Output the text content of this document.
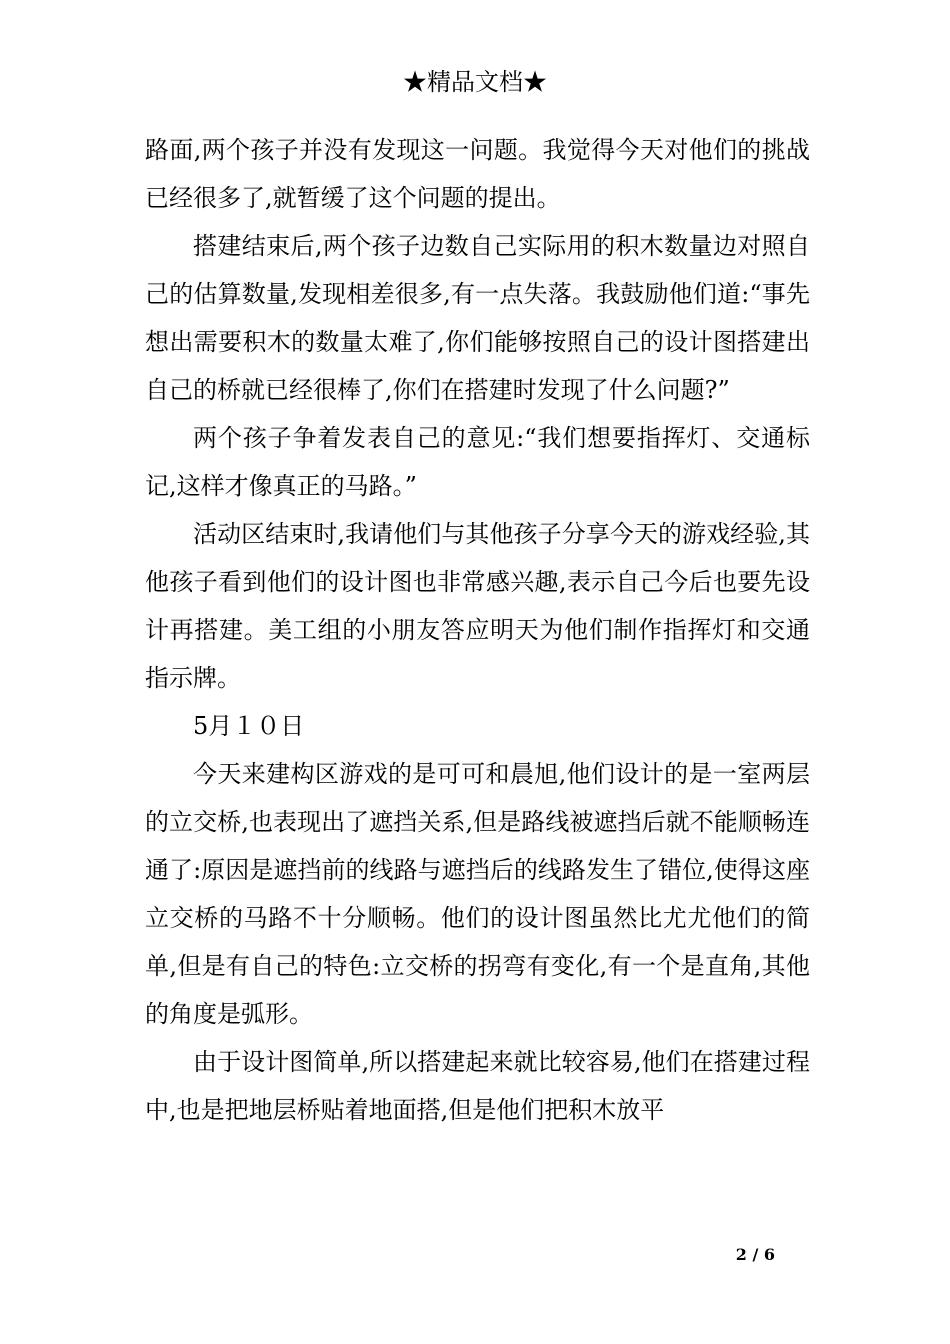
★精品文档★

路面,两个孩子并没有发现这一问题。我觉得今天对他们的挑战已经很多了,就暂缓了这个问题的提出。

搭建结束后,两个孩子边数自己实际用的积木数量边对照自己的估算数量,发现相差很多,有一点失落。我鼓励他们道:“事先想出需要积木的数量太难了,你们能够按照自己的设计图搭建出自己的桥就已经很棒了,你们在搭建时发现了什么问题?”

两个孩子争着发表自己的意见:“我们想要指挥灯、交通标记,这样才像真正的马路。”

活动区结束时,我请他们与其他孩子分享今天的游戏经验,其他孩子看到他们的设计图也非常感兴趣,表示自己今后也要先设计再搭建。美工组的小朋友答应明天为他们制作指挥灯和交通指示牌。

5月１０日

今天来建构区游戏的是可可和晨旭,他们设计的是一室两层的立交桥,也表现出了遮挡关系,但是路线被遮挡后就不能顺畅连通了:原因是遮挡前的线路与遮挡后的线路发生了错位,使得这座立交桥的马路不十分顺畅。他们的设计图虽然比尤尤他们的简单,但是有自己的特色:立交桥的拐弯有变化,有一个是直角,其他的角度是弧形。

由于设计图简单,所以搭建起来就比较容易,他们在搭建过程中,也是把地层桥贴着地面搭,但是他们把积木放平

2 / 6
